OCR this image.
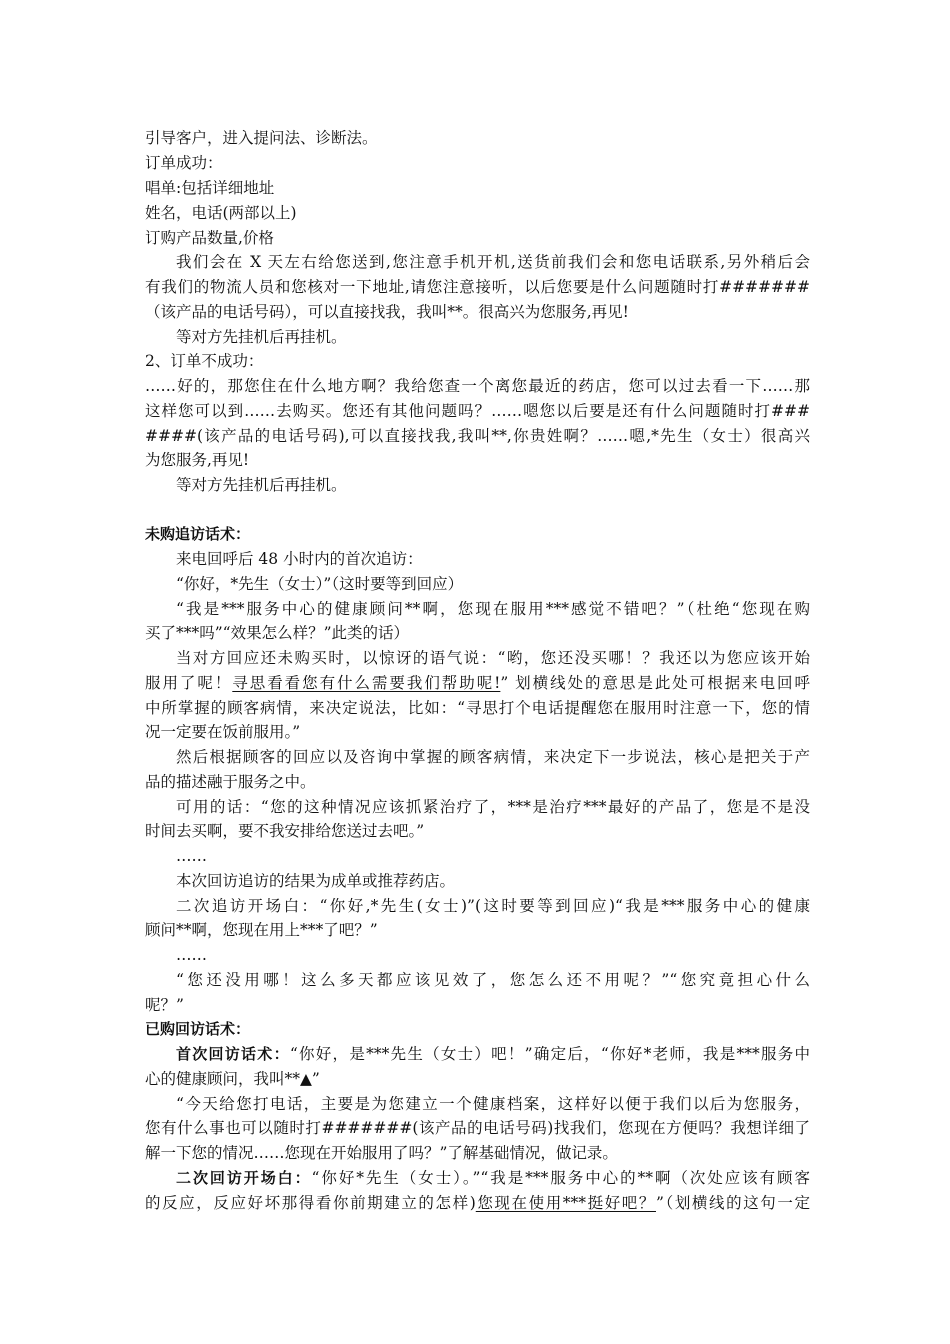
引导客户，进入提问法、诊断法。
订单成功：
唱单:包括详细地址
姓名，电话(两部以上)
订购产品数量,价格
我们会在 X 天左右给您送到,您注意手机开机,送货前我们会和您电话联系,另外稍后会
有我们的物流人员和您核对一下地址,请您注意接听，以后您要是什么问题随时打#######
（该产品的电话号码），可以直接找我，我叫**。很高兴为您服务,再见!
等对方先挂机后再挂机。
2、订单不成功：
……好的，那您住在什么地方啊？我给您查一个离您最近的药店，您可以过去看一下……那
这样您可以到……去购买。您还有其他问题吗？……嗯您以后要是还有什么问题随时打###
####(该产品的电话号码),可以直接找我,我叫**,你贵姓啊？……嗯,*先生（女士）很高兴
为您服务,再见!
等对方先挂机后再挂机。
未购追访话术：
来电回呼后 48 小时内的首次追访：
“你好，*先生（女士）”（这时要等到回应）
“我是***服务中心的健康顾问**啊，您现在服用***感觉不错吧？”（杜绝“您现在购
买了***吗”“效果怎么样？”此类的话）
当对方回应还未购买时，以惊讶的语气说：“哟，您还没买哪！？我还以为您应该开始
服用了呢！寻思看看您有什么需要我们帮助呢!” 划横线处的意思是此处可根据来电回呼
中所掌握的顾客病情，来决定说法，比如：“寻思打个电话提醒您在服用时注意一下，您的情
况一定要在饭前服用。”
然后根据顾客的回应以及咨询中掌握的顾客病情，来决定下一步说法，核心是把关于产
品的描述融于服务之中。
可用的话：“您的这种情况应该抓紧治疗了，***是治疗***最好的产品了，您是不是没
时间去买啊，要不我安排给您送过去吧。”
……
本次回访追访的结果为成单或推荐药店。
二次追访开场白：“你好,*先生(女士)”(这时要等到回应)“我是***服务中心的健康
顾问**啊，您现在用上***了吧？”
……
“您还没用哪！这么多天都应该见效了，您怎么还不用呢？”“您究竟担心什么
呢？”
已购回访话术：
首次回访话术：“你好，是***先生（女士）吧！”确定后，“你好*老师，我是***服务中
心的健康顾问，我叫**▲”
“今天给您打电话，主要是为您建立一个健康档案，这样好以便于我们以后为您服务，
您有什么事也可以随时打#######(该产品的电话号码)找我们，您现在方便吗？我想详细了
解一下您的情况……您现在开始服用了吗？”了解基础情况，做记录。
二次回访开场白：“你好*先生（女士）。”“我是***服务中心的**啊（次处应该有顾客
的反应，反应好坏那得看你前期建立的怎样)您现在使用***挺好吧？”（划横线的这句一定
